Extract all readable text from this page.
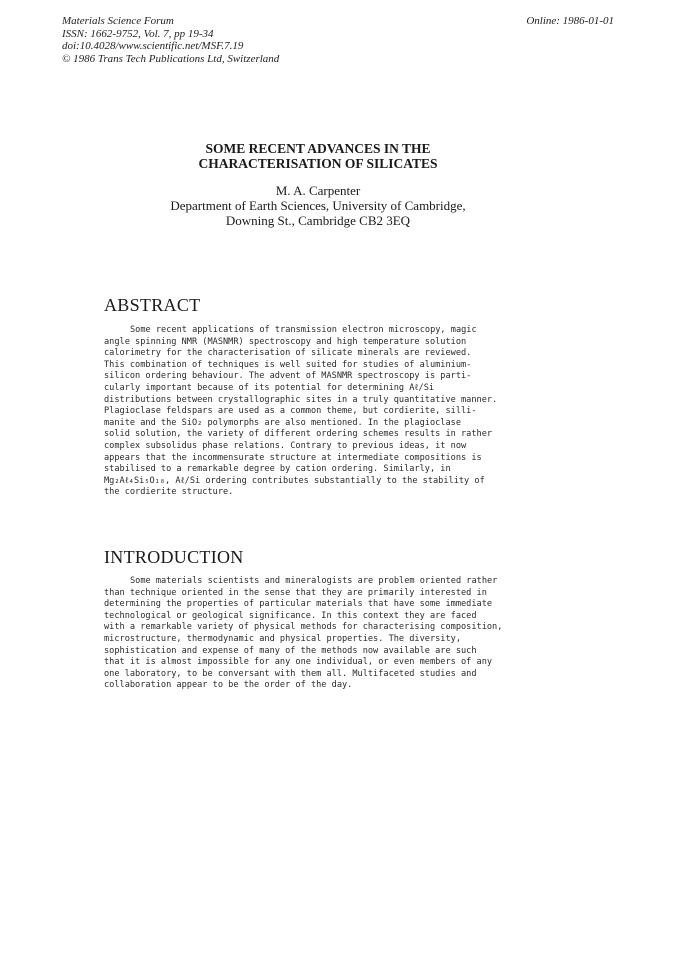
Materials Science Forum
ISSN: 1662-9752, Vol. 7, pp 19-34
doi:10.4028/www.scientific.net/MSF.7.19
© 1986 Trans Tech Publications Ltd, Switzerland
Online: 1986-01-01
SOME RECENT ADVANCES IN THE
CHARACTERISATION OF SILICATES
M. A. Carpenter
Department of Earth Sciences, University of Cambridge,
Downing St., Cambridge CB2 3EQ
ABSTRACT
Some recent applications of transmission electron microscopy, magic
angle spinning NMR (MASNMR) spectroscopy and high temperature solution
calorimetry for the characterisation of silicate minerals are reviewed.
This combination of techniques is well suited for studies of aluminium-
silicon ordering behaviour. The advent of MASNMR spectroscopy is parti-
cularly important because of its potential for determining Aℓ/Si
distributions between crystallographic sites in a truly quantitative manner.
Plagioclase feldspars are used as a common theme, but cordierite, silli-
manite and the SiO₂ polymorphs are also mentioned. In the plagioclase
solid solution, the variety of different ordering schemes results in rather
complex subsolidus phase relations. Contrary to previous ideas, it now
appears that the incommensurate structure at intermediate compositions is
stabilised to a remarkable degree by cation ordering. Similarly, in
Mg₂Aℓ₄Si₅O₁₈, Aℓ/Si ordering contributes substantially to the stability of
the cordierite structure.
INTRODUCTION
Some materials scientists and mineralogists are problem oriented rather
than technique oriented in the sense that they are primarily interested in
determining the properties of particular materials that have some immediate
technological or geological significance. In this context they are faced
with a remarkable variety of physical methods for characterising composition,
microstructure, thermodynamic and physical properties. The diversity,
sophistication and expense of many of the methods now available are such
that it is almost impossible for any one individual, or even members of any
one laboratory, to be conversant with them all. Multifaceted studies and
collaboration appear to be the order of the day.
